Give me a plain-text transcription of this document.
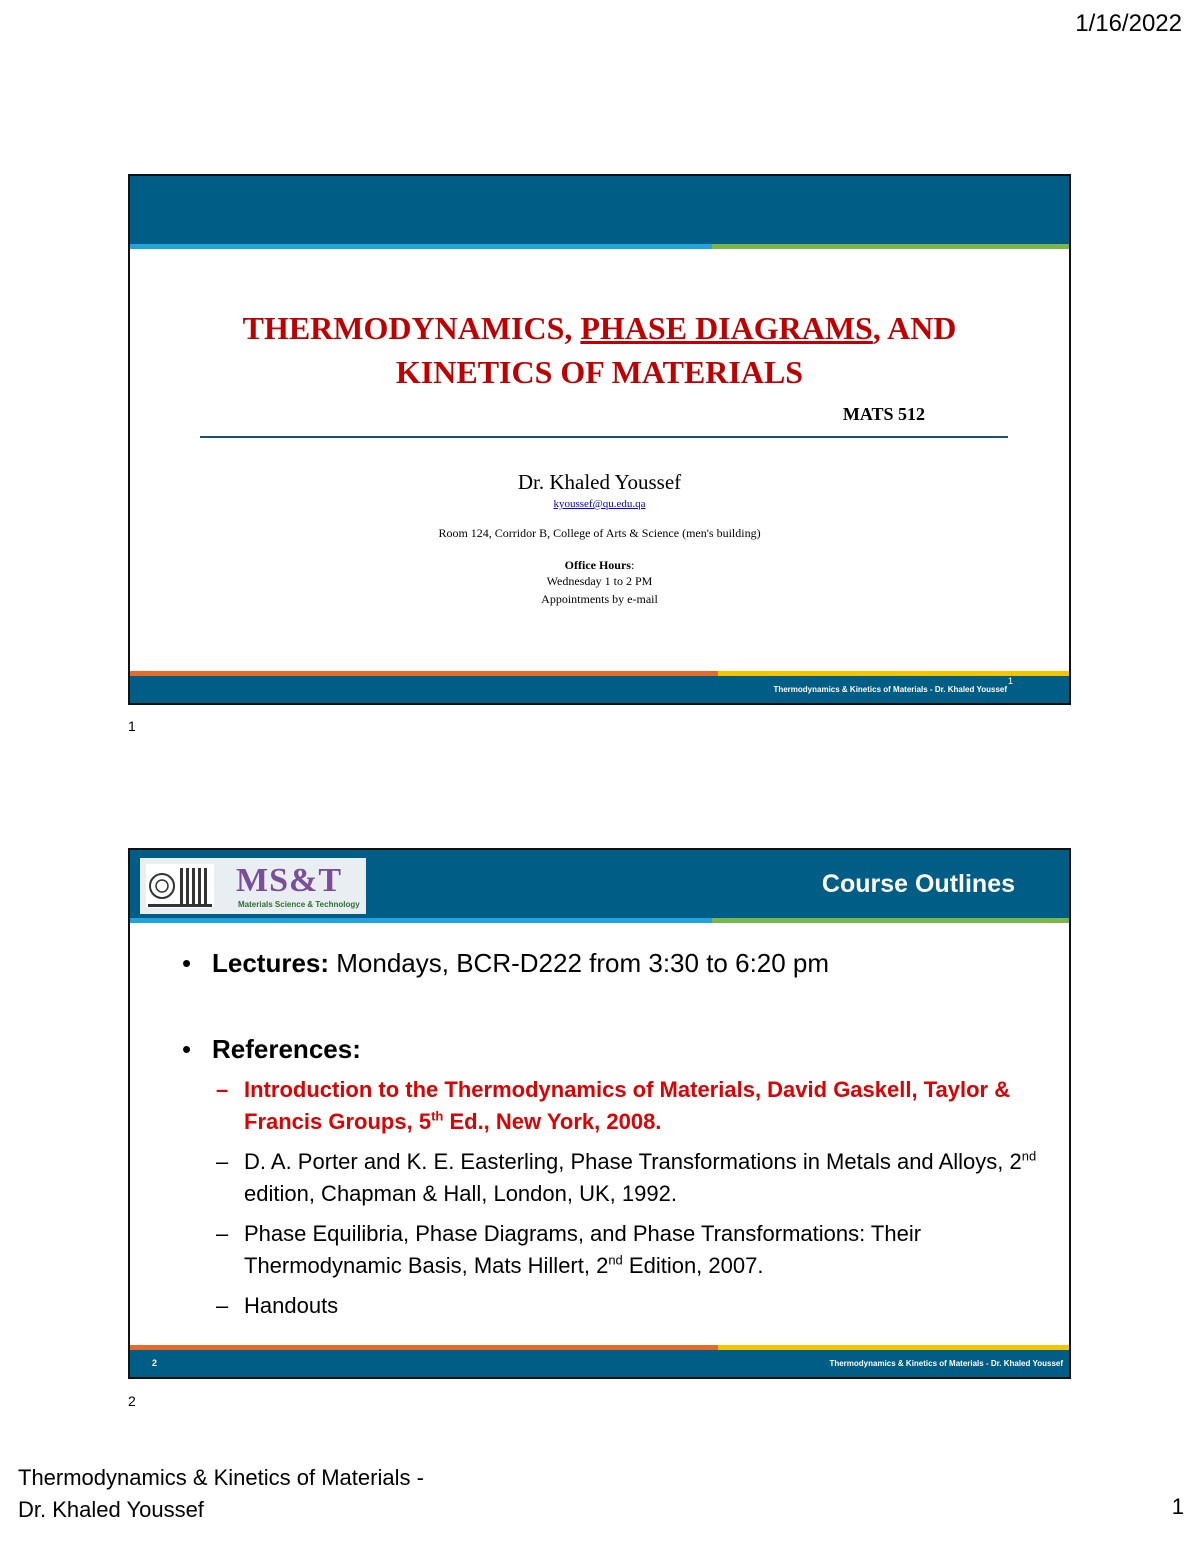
1/16/2022
THERMODYNAMICS, PHASE DIAGRAMS, AND
KINETICS OF MATERIALS
MATS 512
Dr. Khaled Youssef
kyoussef@qu.edu.qa
Room 124, Corridor B, College of Arts & Science (men's building)
Office Hours:
Wednesday 1 to 2 PM
Appointments by e-mail
Thermodynamics & Kinetics of Materials - Dr. Khaled Youssef
1
1
MS&T
Materials Science & Technology
Course Outlines
• Lectures: Mondays, BCR-D222 from 3:30 to 6:20 pm
• References:
– Introduction to the Thermodynamics of Materials, David Gaskell, Taylor & Francis Groups, 5th Ed., New York, 2008.
– D. A. Porter and K. E. Easterling, Phase Transformations in Metals and Alloys, 2nd edition, Chapman & Hall, London, UK, 1992.
– Phase Equilibria, Phase Diagrams, and Phase Transformations: Their Thermodynamic Basis, Mats Hillert, 2nd Edition, 2007.
– Handouts
2	Thermodynamics & Kinetics of Materials - Dr. Khaled Youssef
2
Thermodynamics & Kinetics of Materials -
Dr. Khaled Youssef	1
